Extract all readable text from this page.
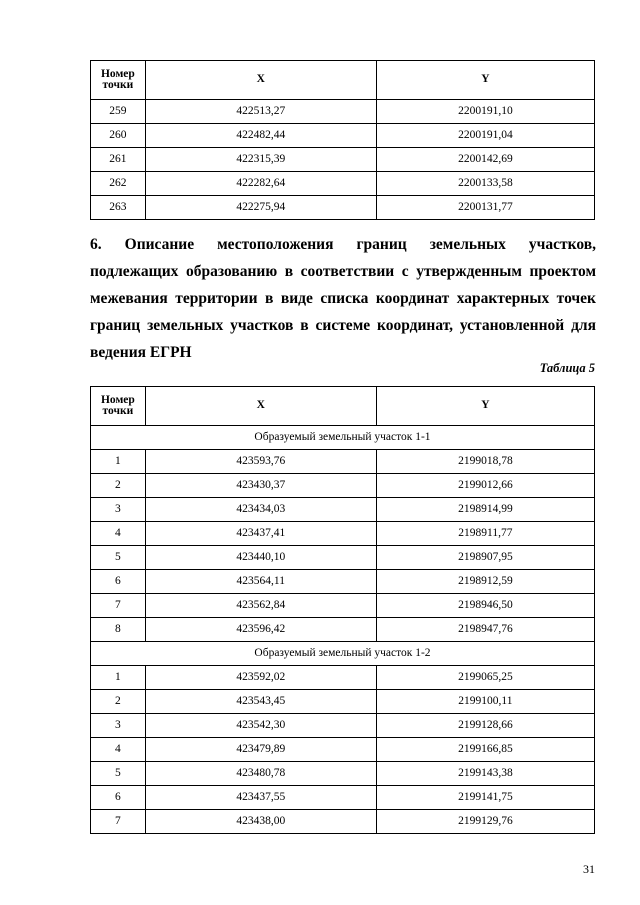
Номер точки	X	Y
259	422513,27	2200191,10
260	422482,44	2200191,04
261	422315,39	2200142,69
262	422282,64	2200133,58
263	422275,94	2200131,77
6. Описание местоположения границ земельных участков,
подлежащих образованию в соответствии с утвержденным проектом
межевания территории в виде списка координат характерных точек
границ земельных участков в системе координат, установленной для
ведения ЕГРН
Таблица 5
Номер точки	X	Y
Образуемый земельный участок 1-1		
1	423593,76	2199018,78
2	423430,37	2199012,66
3	423434,03	2198914,99
4	423437,41	2198911,77
5	423440,10	2198907,95
6	423564,11	2198912,59
7	423562,84	2198946,50
8	423596,42	2198947,76
Образуемый земельный участок 1-2		
1	423592,02	2199065,25
2	423543,45	2199100,11
3	423542,30	2199128,66
4	423479,89	2199166,85
5	423480,78	2199143,38
6	423437,55	2199141,75
7	423438,00	2199129,76
31
